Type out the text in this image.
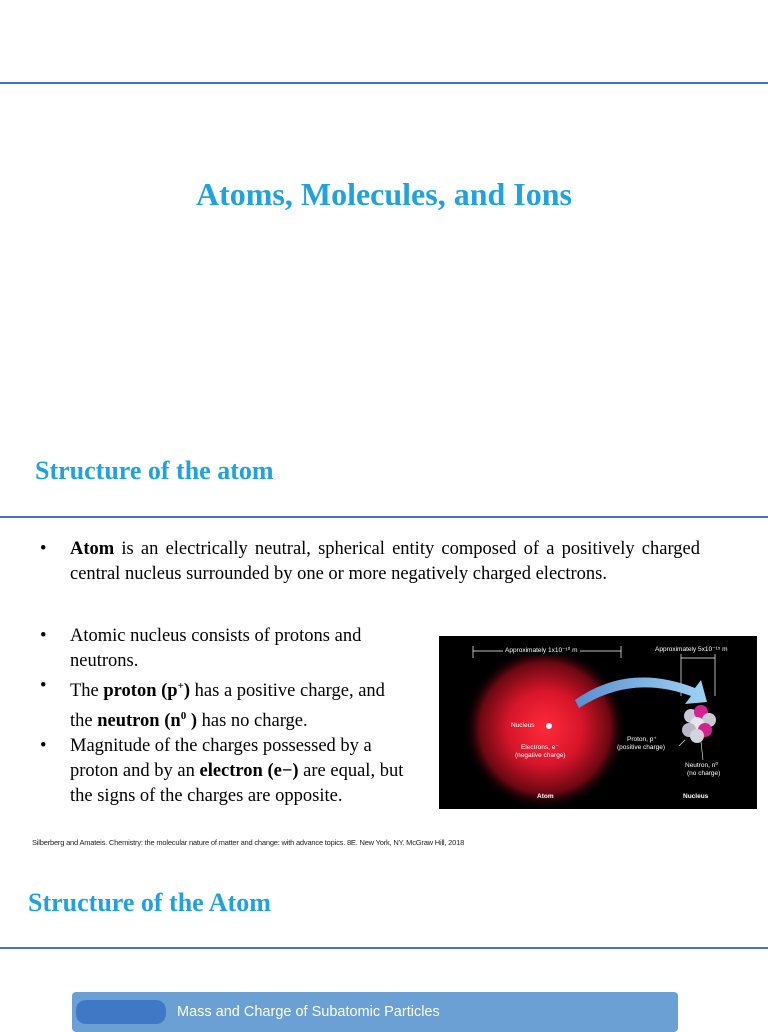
Atoms, Molecules, and Ions
Structure of the atom
• Atom is an electrically neutral, spherical entity composed of a positively charged central nucleus surrounded by one or more negatively charged electrons.
• Atomic nucleus consists of protons and neutrons.
• The proton (p+) has a positive charge, and the neutron ($n^0$ ) has no charge.
• Magnitude of the charges possessed by a proton and by an electron (e−) are equal, but the signs of the charges are opposite.
Approximately 1x10⁻¹⁰ m	Approximately 5x10⁻¹⁵ m
Nucleus
Electrons, e⁻
(negative charge)
Proton, p⁺
(positive charge)
Neutron, n⁰
(no charge)
Atom	Nucleus
Silberberg and Amateis. Chemistry: the molecular nature of matter and change: with advance topics. 8E. New York, NY. McGraw Hill, 2018
Structure of the Atom
Mass and Charge of Subatomic Particles
